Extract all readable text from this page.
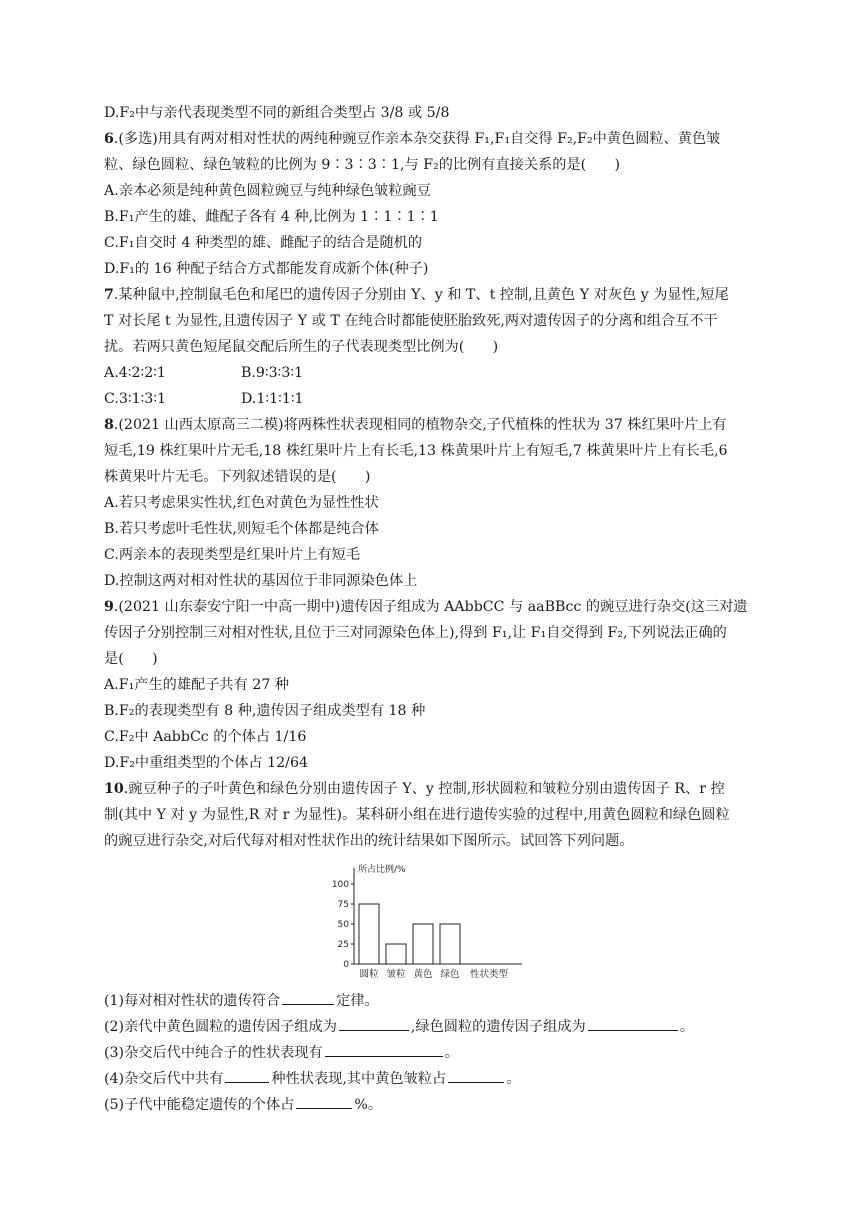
D.F₂中与亲代表现类型不同的新组合类型占 3/8 或 5/8
6.(多选)用具有两对相对性状的两纯种豌豆作亲本杂交获得 F₁,F₁自交得 F₂,F₂中黄色圆粒、黄色皱
粒、绿色圆粒、绿色皱粒的比例为 9∶3∶3∶1,与 F₂的比例有直接关系的是(　　)
A.亲本必须是纯种黄色圆粒豌豆与纯种绿色皱粒豌豆
B.F₁产生的雄、雌配子各有 4 种,比例为 1∶1∶1∶1
C.F₁自交时 4 种类型的雄、雌配子的结合是随机的
D.F₁的 16 种配子结合方式都能发育成新个体(种子)
7.某种鼠中,控制鼠毛色和尾巴的遗传因子分别由 Y、y 和 T、t 控制,且黄色 Y 对灰色 y 为显性,短尾
T 对长尾 t 为显性,且遗传因子 Y 或 T 在纯合时都能使胚胎致死,两对遗传因子的分离和组合互不干
扰。若两只黄色短尾鼠交配后所生的子代表现类型比例为(　　)
A.4∶2∶2∶1	B.9∶3∶3∶1
C.3∶1∶3∶1	D.1∶1∶1∶1
8.(2021 山西太原高三二模)将两株性状表现相同的植物杂交,子代植株的性状为 37 株红果叶片上有
短毛,19 株红果叶片无毛,18 株红果叶片上有长毛,13 株黄果叶片上有短毛,7 株黄果叶片上有长毛,6
株黄果叶片无毛。下列叙述错误的是(　　)
A.若只考虑果实性状,红色对黄色为显性性状
B.若只考虑叶毛性状,则短毛个体都是纯合体
C.两亲本的表现类型是红果叶片上有短毛
D.控制这两对相对性状的基因位于非同源染色体上
9.(2021 山东泰安宁阳一中高一期中)遗传因子组成为 AAbbCC 与 aaBBcc 的豌豆进行杂交(这三对遗
传因子分别控制三对相对性状,且位于三对同源染色体上),得到 F₁,让 F₁自交得到 F₂,下列说法正确的
是(　　)
A.F₁产生的雄配子共有 27 种
B.F₂的表现类型有 8 种,遗传因子组成类型有 18 种
C.F₂中 AabbCc 的个体占 1/16
D.F₂中重组类型的个体占 12/64
10.豌豆种子的子叶黄色和绿色分别由遗传因子 Y、y 控制,形状圆粒和皱粒分别由遗传因子 R、r 控
制(其中 Y 对 y 为显性,R 对 r 为显性)。某科研小组在进行遗传实验的过程中,用黄色圆粒和绿色圆粒
的豌豆进行杂交,对后代每对相对性状作出的统计结果如下图所示。试回答下列问题。
所占比例/%
0
25
50
75
100
圆粒 皱粒 黄色 绿色 性状类型
(1)每对相对性状的遗传符合	定律。
(2)亲代中黄色圆粒的遗传因子组成为	,绿色圆粒的遗传因子组成为	。
(3)杂交后代中纯合子的性状表现有	。
(4)杂交后代中共有	种性状表现,其中黄色皱粒占	。
(5)子代中能稳定遗传的个体占	%。
